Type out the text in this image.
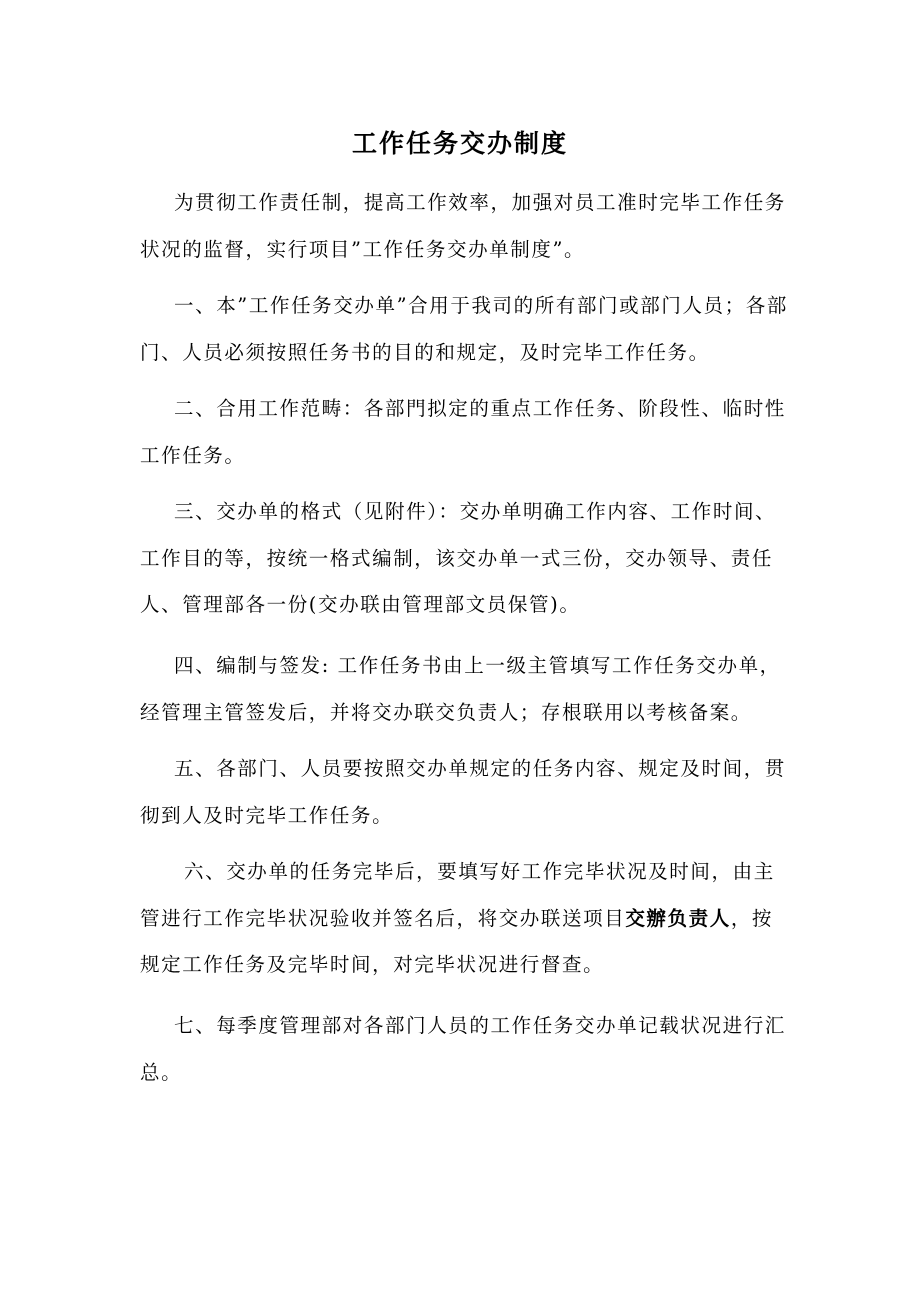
工作任务交办制度

为贯彻工作责任制，提高工作效率，加强对员工准时完毕工作任务状况的监督，实行项目”工作任务交办单制度”。

一、本”工作任务交办单”合用于我司的所有部门或部门人员；各部门、人员必须按照任务书的目的和规定，及时完毕工作任务。

二、合用工作范畴：各部門拟定的重点工作任务、阶段性、临时性工作任务。

三、交办单的格式（见附件）：交办单明确工作内容、工作时间、工作目的等，按统一格式编制，该交办单一式三份，交办领导、责任人、管理部各一份(交办联由管理部文员保管)。

四、编制与签发: 工作任务书由上一级主管填写工作任务交办单，经管理主管签发后，并将交办联交负责人；存根联用以考核备案。

五、各部门、人员要按照交办单规定的任务内容、规定及时间，贯彻到人及时完毕工作任务。

六、交办单的任务完毕后，要填写好工作完毕状况及时间，由主管进行工作完毕状况验收并签名后，将交办联送项目交辦负责人，按规定工作任务及完毕时间，对完毕状况进行督查。

七、每季度管理部对各部门人员的工作任务交办单记载状况进行汇总。
